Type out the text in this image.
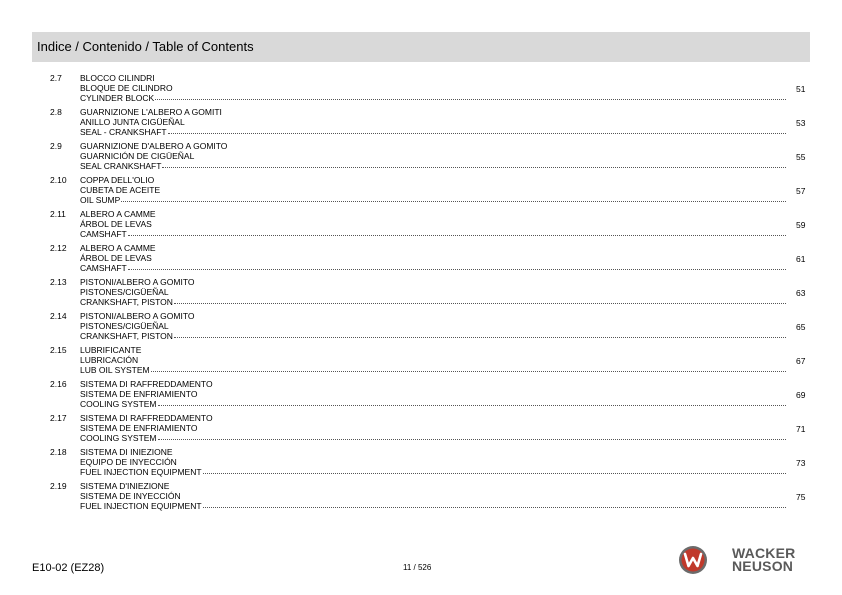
Indice / Contenido / Table of Contents
2.7 BLOCCO CILINDRI
BLOQUE DE CILINDRO
CYLINDER BLOCK
51
2.8 GUARNIZIONE L'ALBERO A GOMITI
ANILLO JUNTA CIGÜEÑAL
SEAL - CRANKSHAFT
53
2.9 GUARNIZIONE D'ALBERO A GOMITO
GUARNICIÓN DE CIGÜEÑAL
SEAL CRANKSHAFT
55
2.10 COPPA DELL'OLIO
CUBETA DE ACEITE
OIL SUMP
57
2.11 ALBERO A CAMME
ÁRBOL DE LEVAS
CAMSHAFT
59
2.12 ALBERO A CAMME
ÁRBOL DE LEVAS
CAMSHAFT
61
2.13 PISTONI/ALBERO A GOMITO
PISTONES/CIGÜEÑAL
CRANKSHAFT, PISTON
63
2.14 PISTONI/ALBERO A GOMITO
PISTONES/CIGÜEÑAL
CRANKSHAFT, PISTON
65
2.15 LUBRIFICANTE
LUBRICACIÓN
LUB OIL SYSTEM
67
2.16 SISTEMA DI RAFFREDDAMENTO
SISTEMA DE ENFRIAMIENTO
COOLING SYSTEM
69
2.17 SISTEMA DI RAFFREDDAMENTO
SISTEMA DE ENFRIAMIENTO
COOLING SYSTEM
71
2.18 SISTEMA DI INIEZIONE
EQUIPO DE INYECCIÓN
FUEL INJECTION EQUIPMENT
73
2.19 SISTEMA D'INIEZIONE
SISTEMA DE INYECCIÓN
FUEL INJECTION EQUIPMENT
75
E10-02 (EZ28)	11 / 526
WACKER
NEUSON
